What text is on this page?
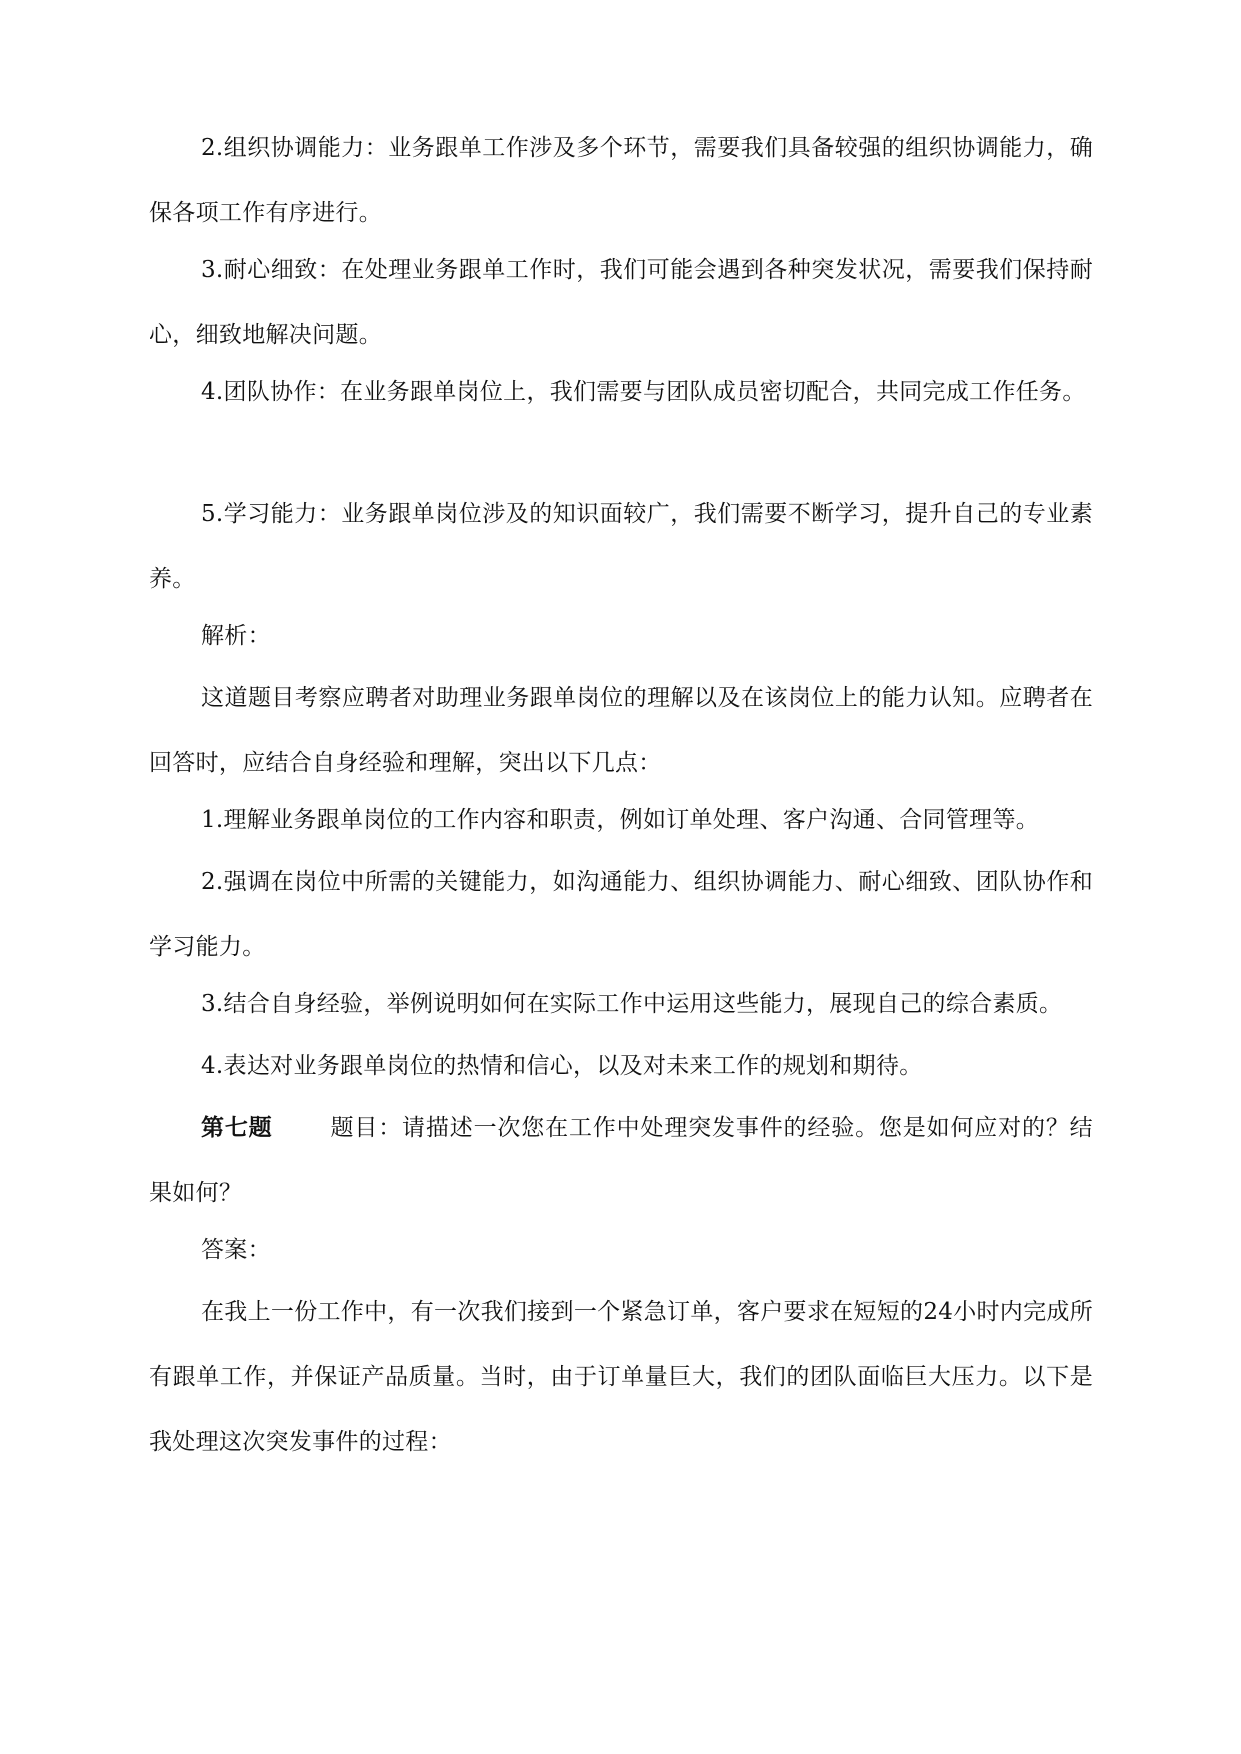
2.组织协调能力：业务跟单工作涉及多个环节，需要我们具备较强的组织协调能力，确保各项工作有序进行。

3.耐心细致：在处理业务跟单工作时，我们可能会遇到各种突发状况，需要我们保持耐心，细致地解决问题。

4.团队协作：在业务跟单岗位上，我们需要与团队成员密切配合，共同完成工作任务。

5.学习能力：业务跟单岗位涉及的知识面较广，我们需要不断学习，提升自己的专业素养。

解析：

这道题目考察应聘者对助理业务跟单岗位的理解以及在该岗位上的能力认知。应聘者在回答时，应结合自身经验和理解，突出以下几点：

1.理解业务跟单岗位的工作内容和职责，例如订单处理、客户沟通、合同管理等。

2.强调在岗位中所需的关键能力，如沟通能力、组织协调能力、耐心细致、团队协作和学习能力。

3.结合自身经验，举例说明如何在实际工作中运用这些能力，展现自己的综合素质。

4.表达对业务跟单岗位的热情和信心，以及对未来工作的规划和期待。

第七题	题目：请描述一次您在工作中处理突发事件的经验。您是如何应对的？结果如何？

答案：

在我上一份工作中，有一次我们接到一个紧急订单，客户要求在短短的24小时内完成所有跟单工作，并保证产品质量。当时，由于订单量巨大，我们的团队面临巨大压力。以下是我处理这次突发事件的过程：
